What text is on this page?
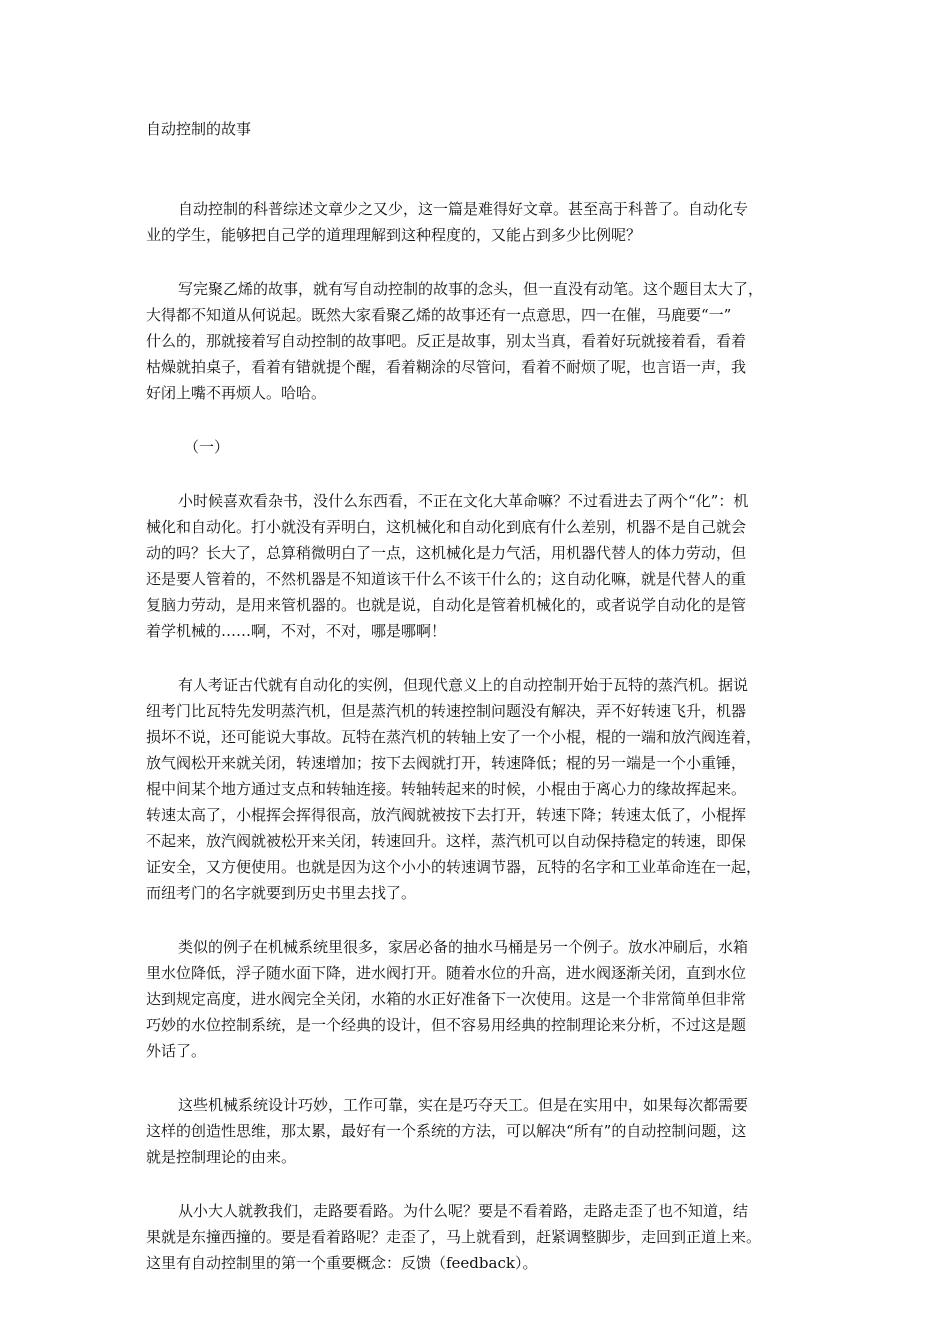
自动控制的故事

自动控制的科普综述文章少之又少，这一篇是难得好文章。甚至高于科普了。自动化专
业的学生，能够把自己学的道理理解到这种程度的，又能占到多少比例呢？

写完聚乙烯的故事，就有写自动控制的故事的念头，但一直没有动笔。这个题目太大了，
大得都不知道从何说起。既然大家看聚乙烯的故事还有一点意思，四一在催，马鹿要“一”
什么的，那就接着写自动控制的故事吧。反正是故事，别太当真，看着好玩就接着看，看着
枯燥就拍桌子，看着有错就提个醒，看着糊涂的尽管问，看着不耐烦了呢，也言语一声，我
好闭上嘴不再烦人。哈哈。

（一）

小时候喜欢看杂书，没什么东西看，不正在文化大革命嘛？不过看进去了两个“化”：机
械化和自动化。打小就没有弄明白，这机械化和自动化到底有什么差别，机器不是自己就会
动的吗？长大了，总算稍微明白了一点，这机械化是力气活，用机器代替人的体力劳动，但
还是要人管着的，不然机器是不知道该干什么不该干什么的；这自动化嘛，就是代替人的重
复脑力劳动，是用来管机器的。也就是说，自动化是管着机械化的，或者说学自动化的是管
着学机械的……啊，不对，不对，哪是哪啊！

有人考证古代就有自动化的实例，但现代意义上的自动控制开始于瓦特的蒸汽机。据说
纽考门比瓦特先发明蒸汽机，但是蒸汽机的转速控制问题没有解决，弄不好转速飞升，机器
损坏不说，还可能说大事故。瓦特在蒸汽机的转轴上安了一个小棍，棍的一端和放汽阀连着，
放气阀松开来就关闭，转速增加；按下去阀就打开，转速降低；棍的另一端是一个小重锤，
棍中间某个地方通过支点和转轴连接。转轴转起来的时候，小棍由于离心力的缘故挥起来。
转速太高了，小棍挥会挥得很高，放汽阀就被按下去打开，转速下降；转速太低了，小棍挥
不起来，放汽阀就被松开来关闭，转速回升。这样，蒸汽机可以自动保持稳定的转速，即保
证安全，又方便使用。也就是因为这个小小的转速调节器，瓦特的名字和工业革命连在一起，
而纽考门的名字就要到历史书里去找了。

类似的例子在机械系统里很多，家居必备的抽水马桶是另一个例子。放水冲刷后，水箱
里水位降低，浮子随水面下降，进水阀打开。随着水位的升高，进水阀逐渐关闭，直到水位
达到规定高度，进水阀完全关闭，水箱的水正好准备下一次使用。这是一个非常简单但非常
巧妙的水位控制系统，是一个经典的设计，但不容易用经典的控制理论来分析，不过这是题
外话了。

这些机械系统设计巧妙，工作可靠，实在是巧夺天工。但是在实用中，如果每次都需要
这样的创造性思维，那太累，最好有一个系统的方法，可以解决“所有”的自动控制问题，这
就是控制理论的由来。

从小大人就教我们，走路要看路。为什么呢？要是不看着路，走路走歪了也不知道，结
果就是东撞西撞的。要是看着路呢？走歪了，马上就看到，赶紧调整脚步，走回到正道上来。
这里有自动控制里的第一个重要概念：反馈（feedback）。
